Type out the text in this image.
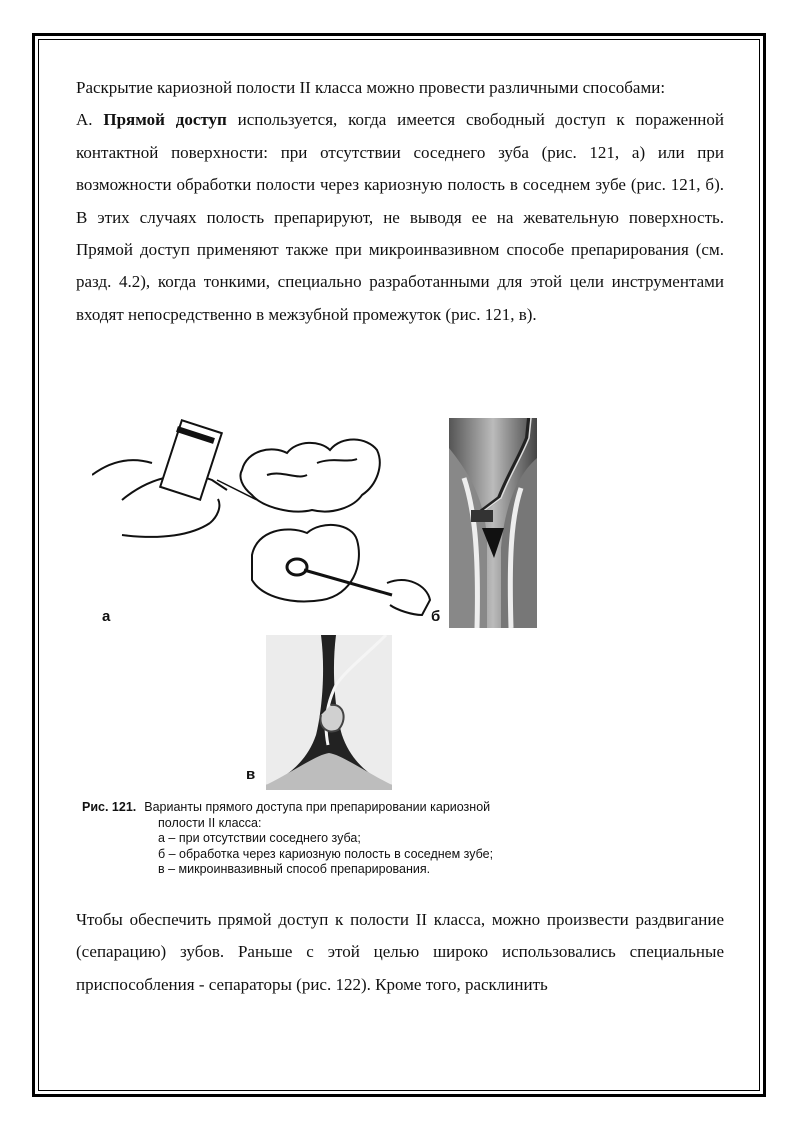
Раскрытие кариозной полости II класса можно провести различными способами:

А. Прямой доступ используется, когда имеется свободный доступ к пораженной контактной поверхности: при отсутствии соседнего зуба (рис. 121, а) или при возможности обработки полости через кариозную полость в соседнем зубе (рис. 121, б). В этих случаях полость препарируют, не выводя ее на жевательную поверхность. Прямой доступ применяют также при микроинвазивном способе препарирования (см. разд. 4.2), когда тонкими, специально разработанными для этой цели инструментами входят непосредственно в межзубной промежуток (рис. 121, в).

а	б
в
Рис. 121. Варианты прямого доступа при препарировании кариозной
полости II класса:
а – при отсутствии соседнего зуба;
б – обработка через кариозную полость в соседнем зубе;
в – микроинвазивный способ препарирования.

Чтобы обеспечить прямой доступ к полости II класса, можно произвести раздвигание (сепарацию) зубов. Раньше с этой целью широко использовались специальные приспособления - сепараторы (рис. 122). Кроме того, расклинить
